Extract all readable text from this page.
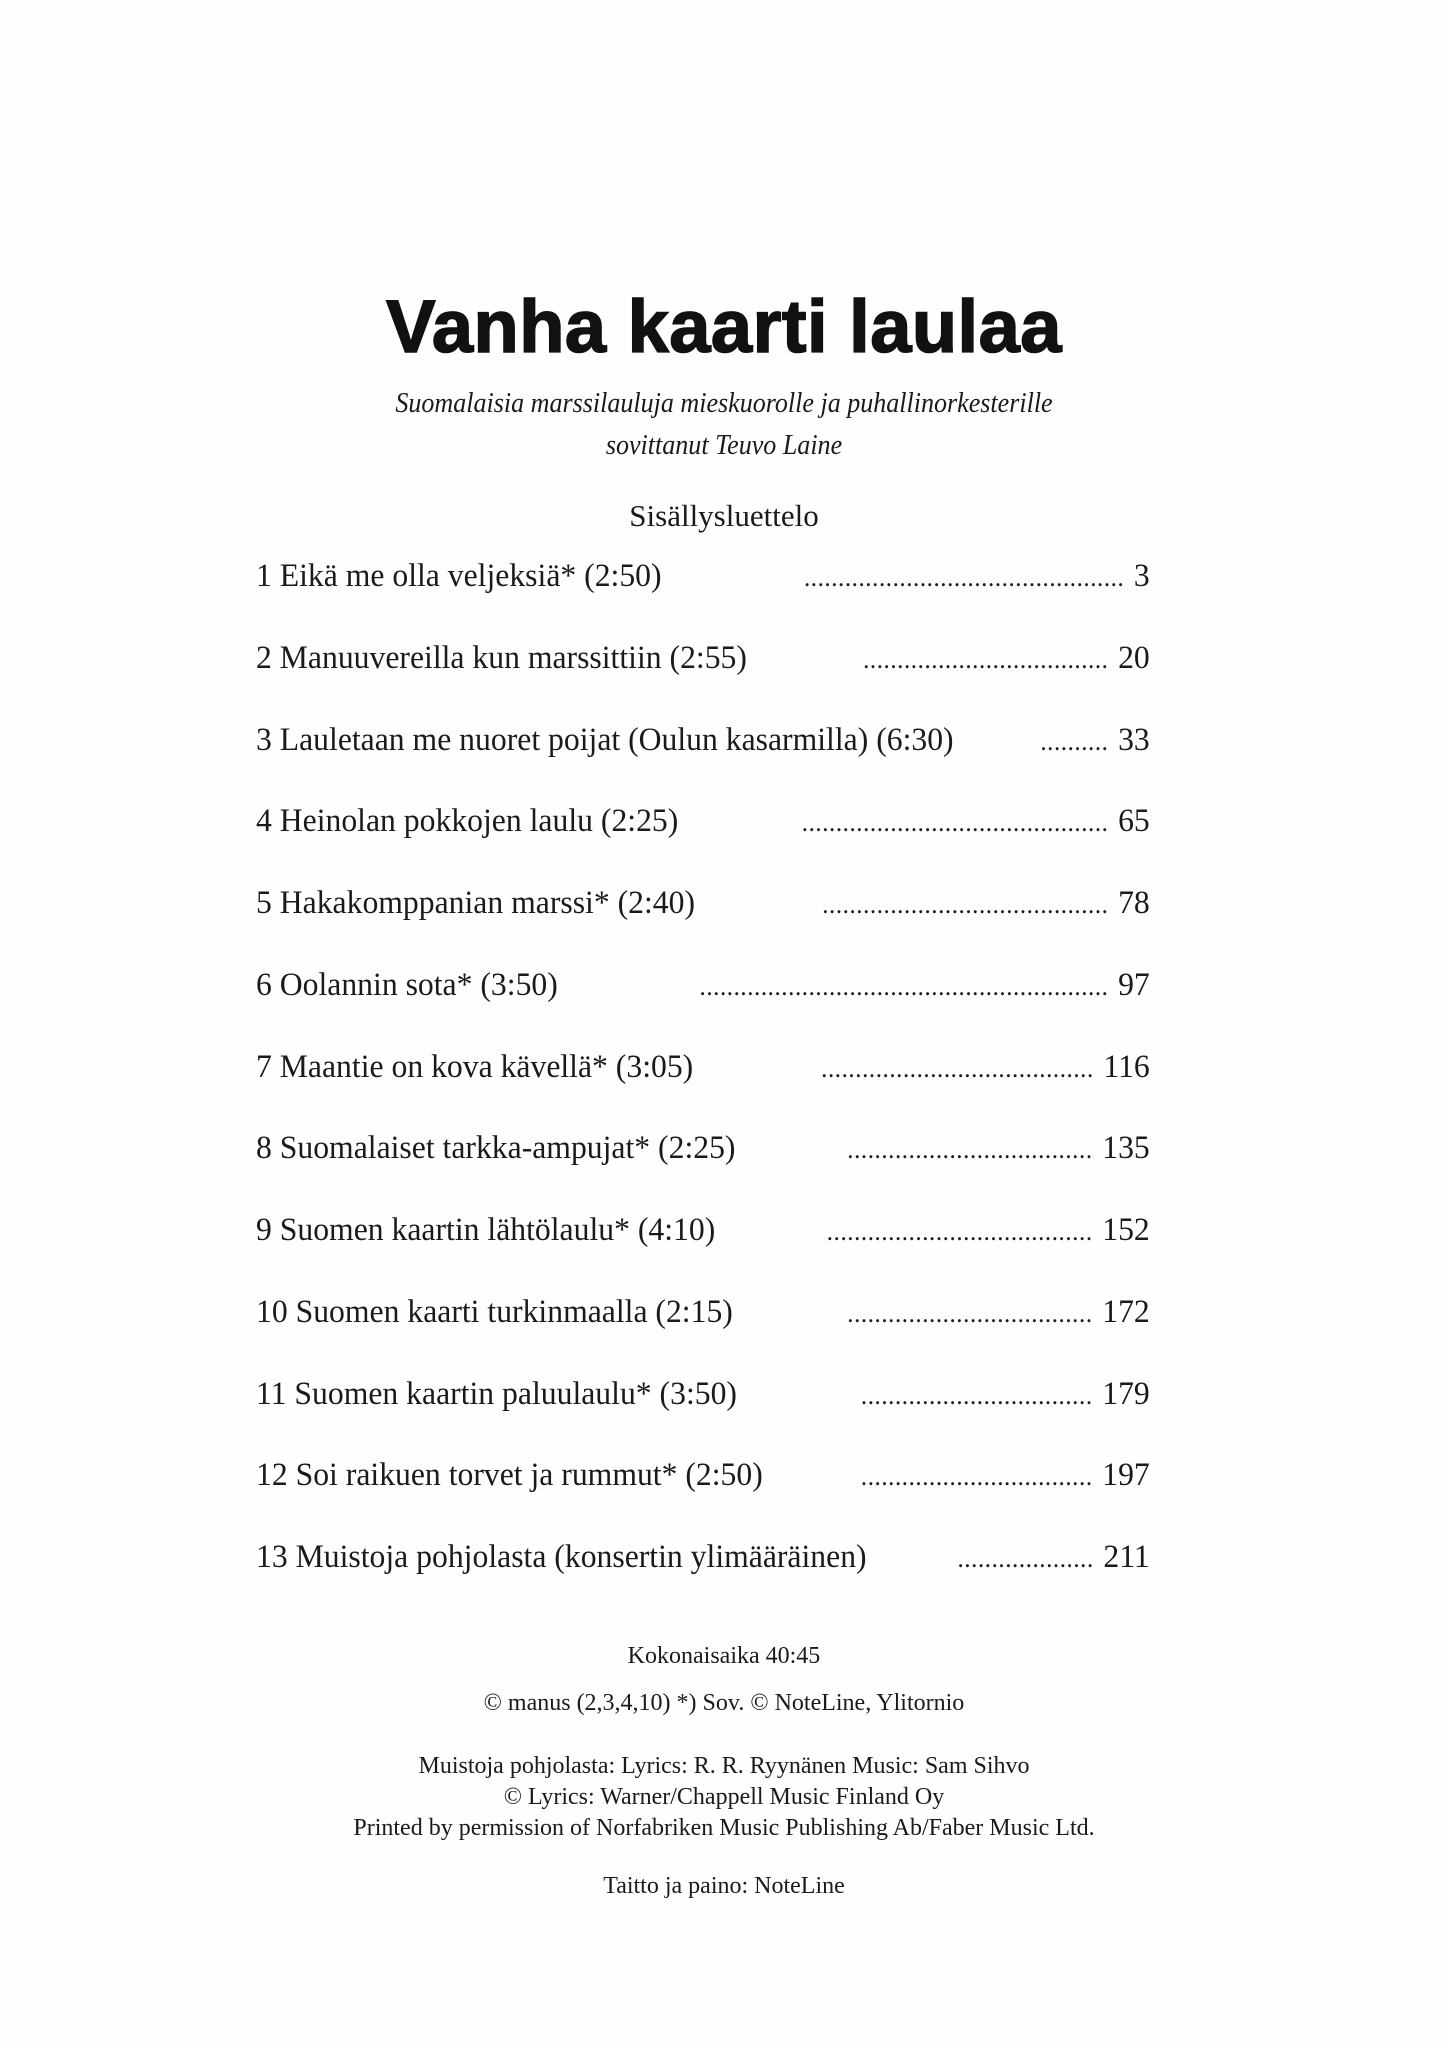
Vanha kaarti laulaa
Suomalaisia marssilauluja mieskuorolle ja puhallinorkesterille
sovittanut Teuvo Laine
Sisällysluettelo
1 Eikä me olla veljeksiä* (2:50)	............................................... 3
2 Manuuvereilla kun marssittiin (2:55)	.................................... 20
3 Lauletaan me nuoret poijat (Oulun kasarmilla) (6:30)	.......... 33
4 Heinolan pokkojen laulu (2:25)	............................................. 65
5 Hakakomppanian marssi* (2:40)	.......................................... 78
6 Oolannin sota* (3:50)	............................................................ 97
7 Maantie on kova kävellä* (3:05)	........................................ 116
8 Suomalaiset tarkka-ampujat* (2:25)	.................................... 135
9 Suomen kaartin lähtölaulu* (4:10)	....................................... 152
10 Suomen kaarti turkinmaalla (2:15)	.................................... 172
11 Suomen kaartin paluulaulu* (3:50)	.................................. 179
12 Soi raikuen torvet ja rummut* (2:50)	.................................. 197
13 Muistoja pohjolasta (konsertin ylimääräinen)	.................... 211
Kokonaisaika 40:45
© manus (2,3,4,10) *) Sov. © NoteLine, Ylitornio
Muistoja pohjolasta: Lyrics: R. R. Ryynänen Music: Sam Sihvo
© Lyrics: Warner/Chappell Music Finland Oy
Printed by permission of Norfabriken Music Publishing Ab/Faber Music Ltd.
Taitto ja paino: NoteLine
